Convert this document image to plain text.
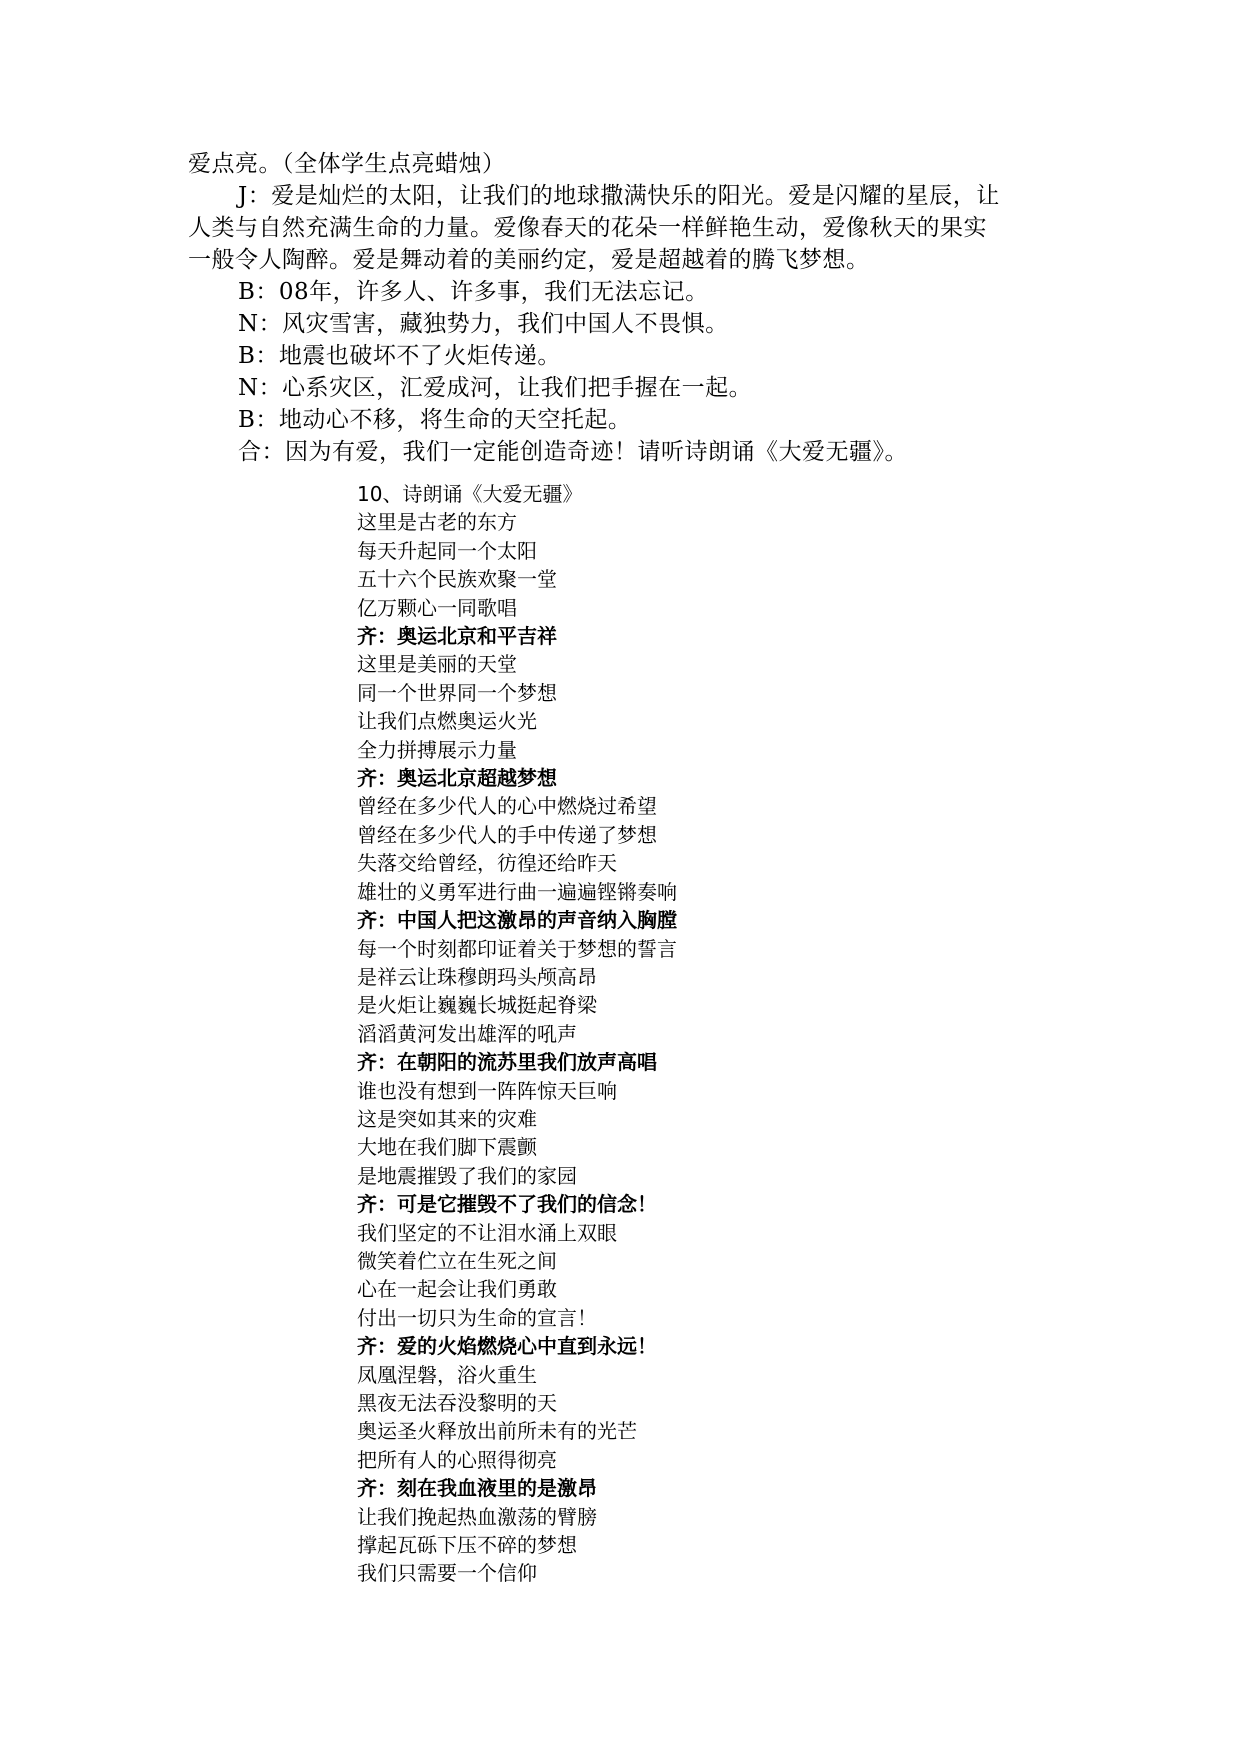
爱点亮。（全体学生点亮蜡烛）

J：爱是灿烂的太阳，让我们的地球撒满快乐的阳光。爱是闪耀的星辰，让

人类与自然充满生命的力量。爱像春天的花朵一样鲜艳生动，爱像秋天的果实

一般令人陶醉。爱是舞动着的美丽约定，爱是超越着的腾飞梦想。

B：08年，许多人、许多事，我们无法忘记。

N：风灾雪害，藏独势力，我们中国人不畏惧。

B：地震也破坏不了火炬传递。

N：心系灾区，汇爱成河，让我们把手握在一起。

B：地动心不移，将生命的天空托起。

合：因为有爱，我们一定能创造奇迹！请听诗朗诵《大爱无疆》。

10、诗朗诵《大爱无疆》
这里是古老的东方
每天升起同一个太阳
五十六个民族欢聚一堂
亿万颗心一同歌唱
齐：奥运北京和平吉祥
这里是美丽的天堂
同一个世界同一个梦想
让我们点燃奥运火光
全力拼搏展示力量
齐：奥运北京超越梦想
曾经在多少代人的心中燃烧过希望
曾经在多少代人的手中传递了梦想
失落交给曾经，彷徨还给昨天
雄壮的义勇军进行曲一遍遍铿锵奏响
齐：中国人把这激昂的声音纳入胸膛
每一个时刻都印证着关于梦想的誓言
是祥云让珠穆朗玛头颅高昂
是火炬让巍巍长城挺起脊梁
滔滔黄河发出雄浑的吼声
齐：在朝阳的流苏里我们放声高唱
谁也没有想到一阵阵惊天巨响
这是突如其来的灾难
大地在我们脚下震颤
是地震摧毁了我们的家园
齐：可是它摧毁不了我们的信念！
我们坚定的不让泪水涌上双眼
微笑着伫立在生死之间
心在一起会让我们勇敢
付出一切只为生命的宣言！
齐：爱的火焰燃烧心中直到永远！
凤凰涅磐，浴火重生
黑夜无法吞没黎明的天
奥运圣火释放出前所未有的光芒
把所有人的心照得彻亮
齐：刻在我血液里的是激昂
让我们挽起热血激荡的臂膀
撑起瓦砾下压不碎的梦想
我们只需要一个信仰
